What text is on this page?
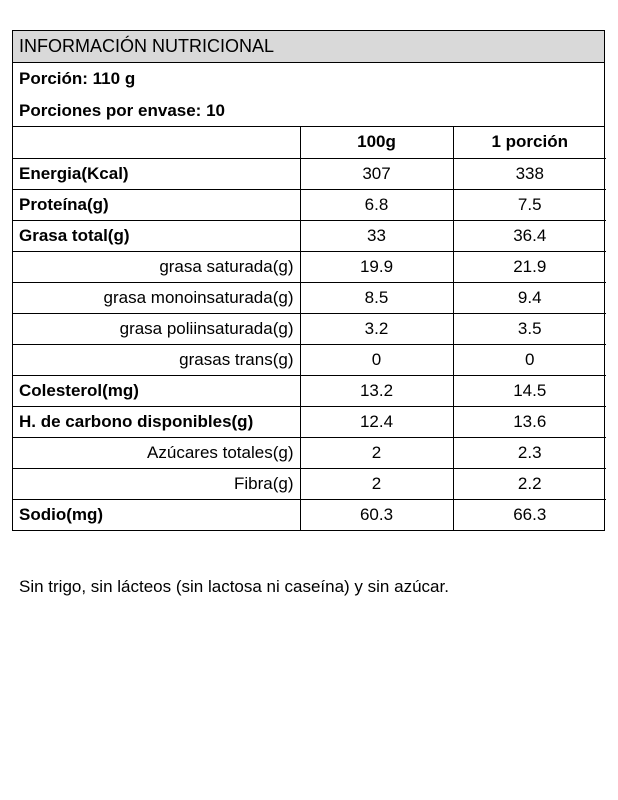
INFORMACIÓN NUTRICIONAL
Porción: 110 g
Porciones por envase: 10
	100g	1 porción
Energia(Kcal)	307	338
Proteína(g)	6.8	7.5
Grasa total(g)	33	36.4
grasa saturada(g)	19.9	21.9
grasa monoinsaturada(g)	8.5	9.4
grasa poliinsaturada(g)	3.2	3.5
grasas trans(g)	0	0
Colesterol(mg)	13.2	14.5
H. de carbono disponibles(g)	12.4	13.6
Azúcares totales(g)	2	2.3
Fibra(g)	2	2.2
Sodio(mg)	60.3	66.3
Sin trigo, sin lácteos (sin lactosa ni caseína) y sin azúcar.
